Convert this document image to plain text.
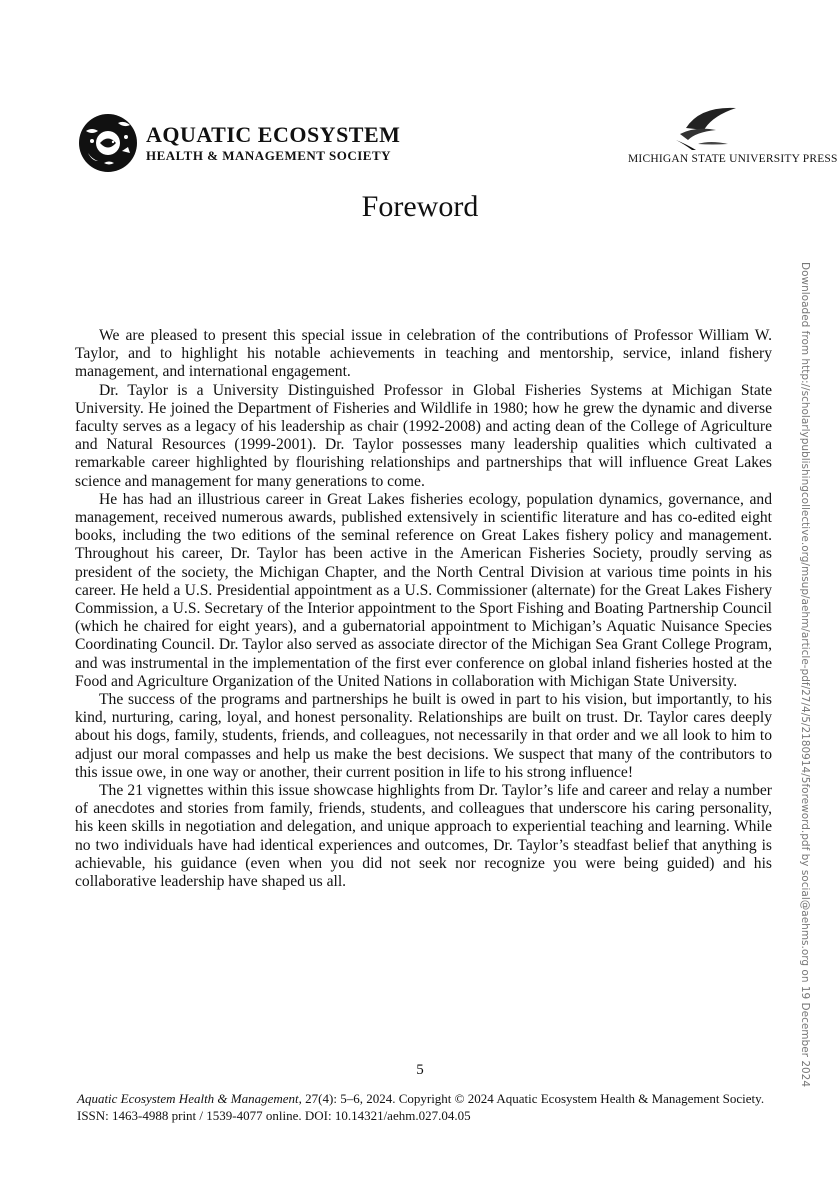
AQUATIC ECOSYSTEM
HEALTH & MANAGEMENT SOCIETY	MICHIGAN STATE UNIVERSITY PRESS
Foreword
Downloaded from http://scholarlypublishingcollective.org/msup/aehm/article-pdf/27/4/5/2180914/5foreword.pdf by social@aehms.org on 19 December 2024

We are pleased to present this special issue in celebration of the contributions of Professor William W. Taylor, and to highlight his notable achievements in teaching and mentorship, service, inland fishery management, and international engagement.

Dr. Taylor is a University Distinguished Professor in Global Fisheries Systems at Michigan State University. He joined the Department of Fisheries and Wildlife in 1980; how he grew the dynamic and diverse faculty serves as a legacy of his leadership as chair (1992-2008) and acting dean of the College of Agriculture and Natural Resources (1999-2001). Dr. Taylor possesses many leadership qualities which cultivated a remarkable career highlighted by flourishing relationships and partnerships that will influence Great Lakes science and management for many generations to come.

He has had an illustrious career in Great Lakes fisheries ecology, population dynamics, governance, and management, received numerous awards, published extensively in scientific literature and has co-edited eight books, including the two editions of the seminal reference on Great Lakes fishery policy and management. Throughout his career, Dr. Taylor has been active in the American Fisheries Society, proudly serving as president of the society, the Michigan Chapter, and the North Central Division at various time points in his career. He held a U.S. Presidential appointment as a U.S. Commissioner (alternate) for the Great Lakes Fishery Commission, a U.S. Secretary of the Interior appointment to the Sport Fishing and Boating Partnership Council (which he chaired for eight years), and a gubernatorial appointment to Michigan’s Aquatic Nuisance Species Coordinating Council. Dr. Taylor also served as associate director of the Michigan Sea Grant College Program, and was instrumental in the implementation of the first ever conference on global inland fisheries hosted at the Food and Agriculture Organization of the United Nations in collaboration with Michigan State University.

The success of the programs and partnerships he built is owed in part to his vision, but importantly, to his kind, nurturing, caring, loyal, and honest personality. Relationships are built on trust. Dr. Taylor cares deeply about his dogs, family, students, friends, and colleagues, not necessarily in that order and we all look to him to adjust our moral compasses and help us make the best decisions. We suspect that many of the contributors to this issue owe, in one way or another, their current position in life to his strong influence!

The 21 vignettes within this issue showcase highlights from Dr. Taylor’s life and career and relay a number of anecdotes and stories from family, friends, students, and colleagues that underscore his caring personality, his keen skills in negotiation and delegation, and unique approach to experiential teaching and learning. While no two individuals have had identical experiences and outcomes, Dr. Taylor’s steadfast belief that anything is achievable, his guidance (even when you did not seek nor recognize you were being guided) and his collaborative leadership have shaped us all.

5
Aquatic Ecosystem Health & Management, 27(4): 5–6, 2024. Copyright © 2024 Aquatic Ecosystem Health & Management Society.
ISSN: 1463-4988 print / 1539-4077 online. DOI: 10.14321/aehm.027.04.05
